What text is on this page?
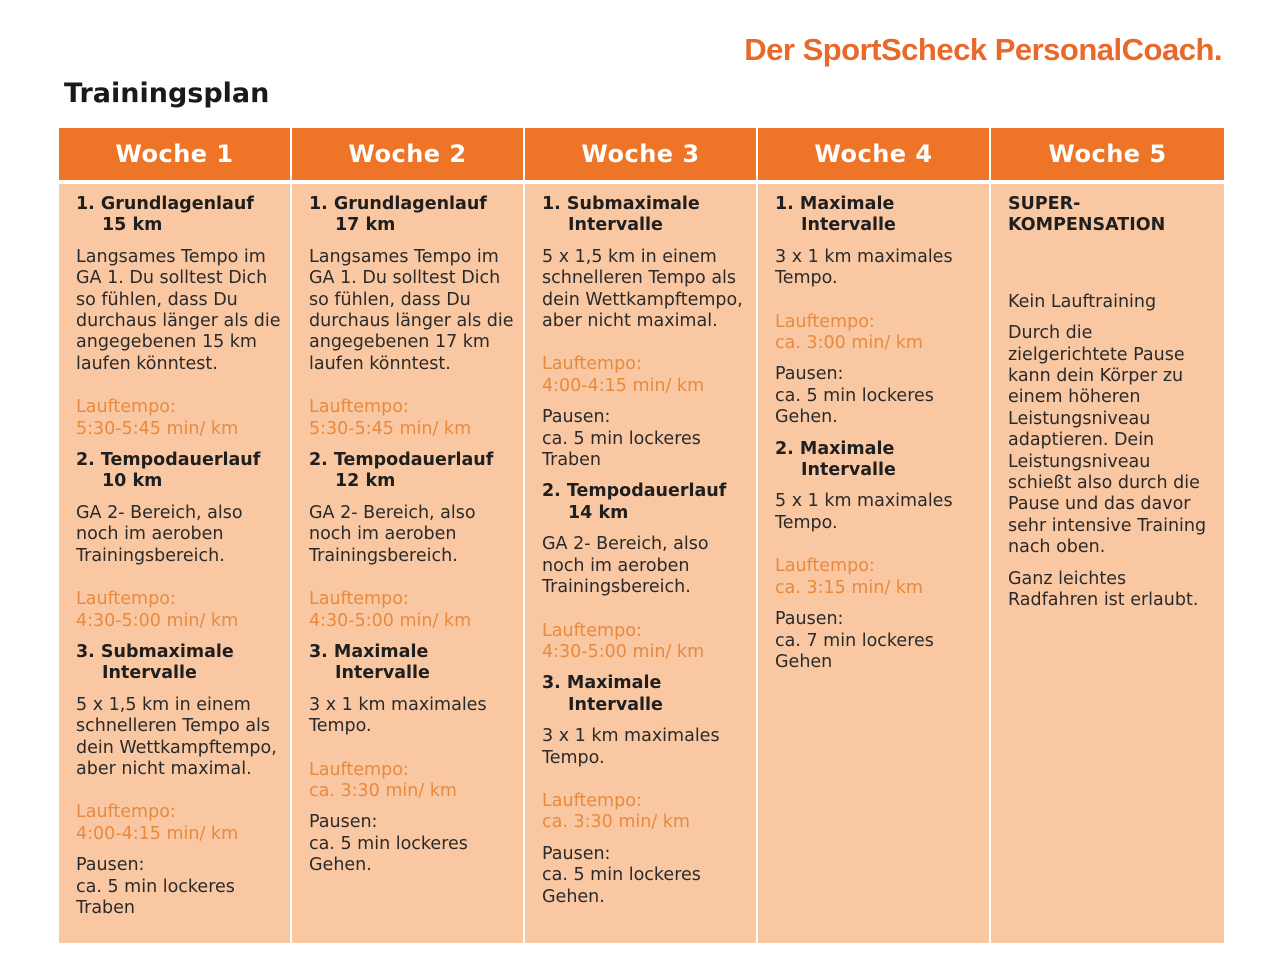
Der SportScheck PersonalCoach.
Trainingsplan
Woche 1
1. Grundlagenlauf
15 km
Langsames Tempo im
GA 1. Du solltest Dich
so fühlen, dass Du
durchaus länger als die
angegebenen 15 km
laufen könntest.
Lauftempo:
5:30-5:45 min/ km
2. Tempodauerlauf
10 km
GA 2- Bereich, also
noch im aeroben
Trainingsbereich.
Lauftempo:
4:30-5:00 min/ km
3. Submaximale
Intervalle
5 x 1,5 km in einem
schnelleren Tempo als
dein Wettkampftempo,
aber nicht maximal.
Lauftempo:
4:00-4:15 min/ km
Pausen:
ca. 5 min lockeres
Traben
Woche 2
1. Grundlagenlauf
17 km
Langsames Tempo im
GA 1. Du solltest Dich
so fühlen, dass Du
durchaus länger als die
angegebenen 17 km
laufen könntest.
Lauftempo:
5:30-5:45 min/ km
2. Tempodauerlauf
12 km
GA 2- Bereich, also
noch im aeroben
Trainingsbereich.
Lauftempo:
4:30-5:00 min/ km
3. Maximale
Intervalle
3 x 1 km maximales
Tempo.
Lauftempo:
ca. 3:30 min/ km
Pausen:
ca. 5 min lockeres
Gehen.
Woche 3
1. Submaximale
Intervalle
5 x 1,5 km in einem
schnelleren Tempo als
dein Wettkampftempo,
aber nicht maximal.
Lauftempo:
4:00-4:15 min/ km
Pausen:
ca. 5 min lockeres
Traben
2. Tempodauerlauf
14 km
GA 2- Bereich, also
noch im aeroben
Trainingsbereich.
Lauftempo:
4:30-5:00 min/ km
3. Maximale
Intervalle
3 x 1 km maximales
Tempo.
Lauftempo:
ca. 3:30 min/ km
Pausen:
ca. 5 min lockeres
Gehen.
Woche 4
1. Maximale
Intervalle
3 x 1 km maximales
Tempo.
Lauftempo:
ca. 3:00 min/ km
Pausen:
ca. 5 min lockeres
Gehen.
2. Maximale
Intervalle
5 x 1 km maximales
Tempo.
Lauftempo:
ca. 3:15 min/ km
Pausen:
ca. 7 min lockeres
Gehen
Woche 5
SUPER-
KOMPENSATION
Kein Lauftraining
Durch die
zielgerichtete Pause
kann dein Körper zu
einem höheren
Leistungsniveau
adaptieren. Dein
Leistungsniveau
schießt also durch die
Pause und das davor
sehr intensive Training
nach oben.
Ganz leichtes
Radfahren ist erlaubt.
